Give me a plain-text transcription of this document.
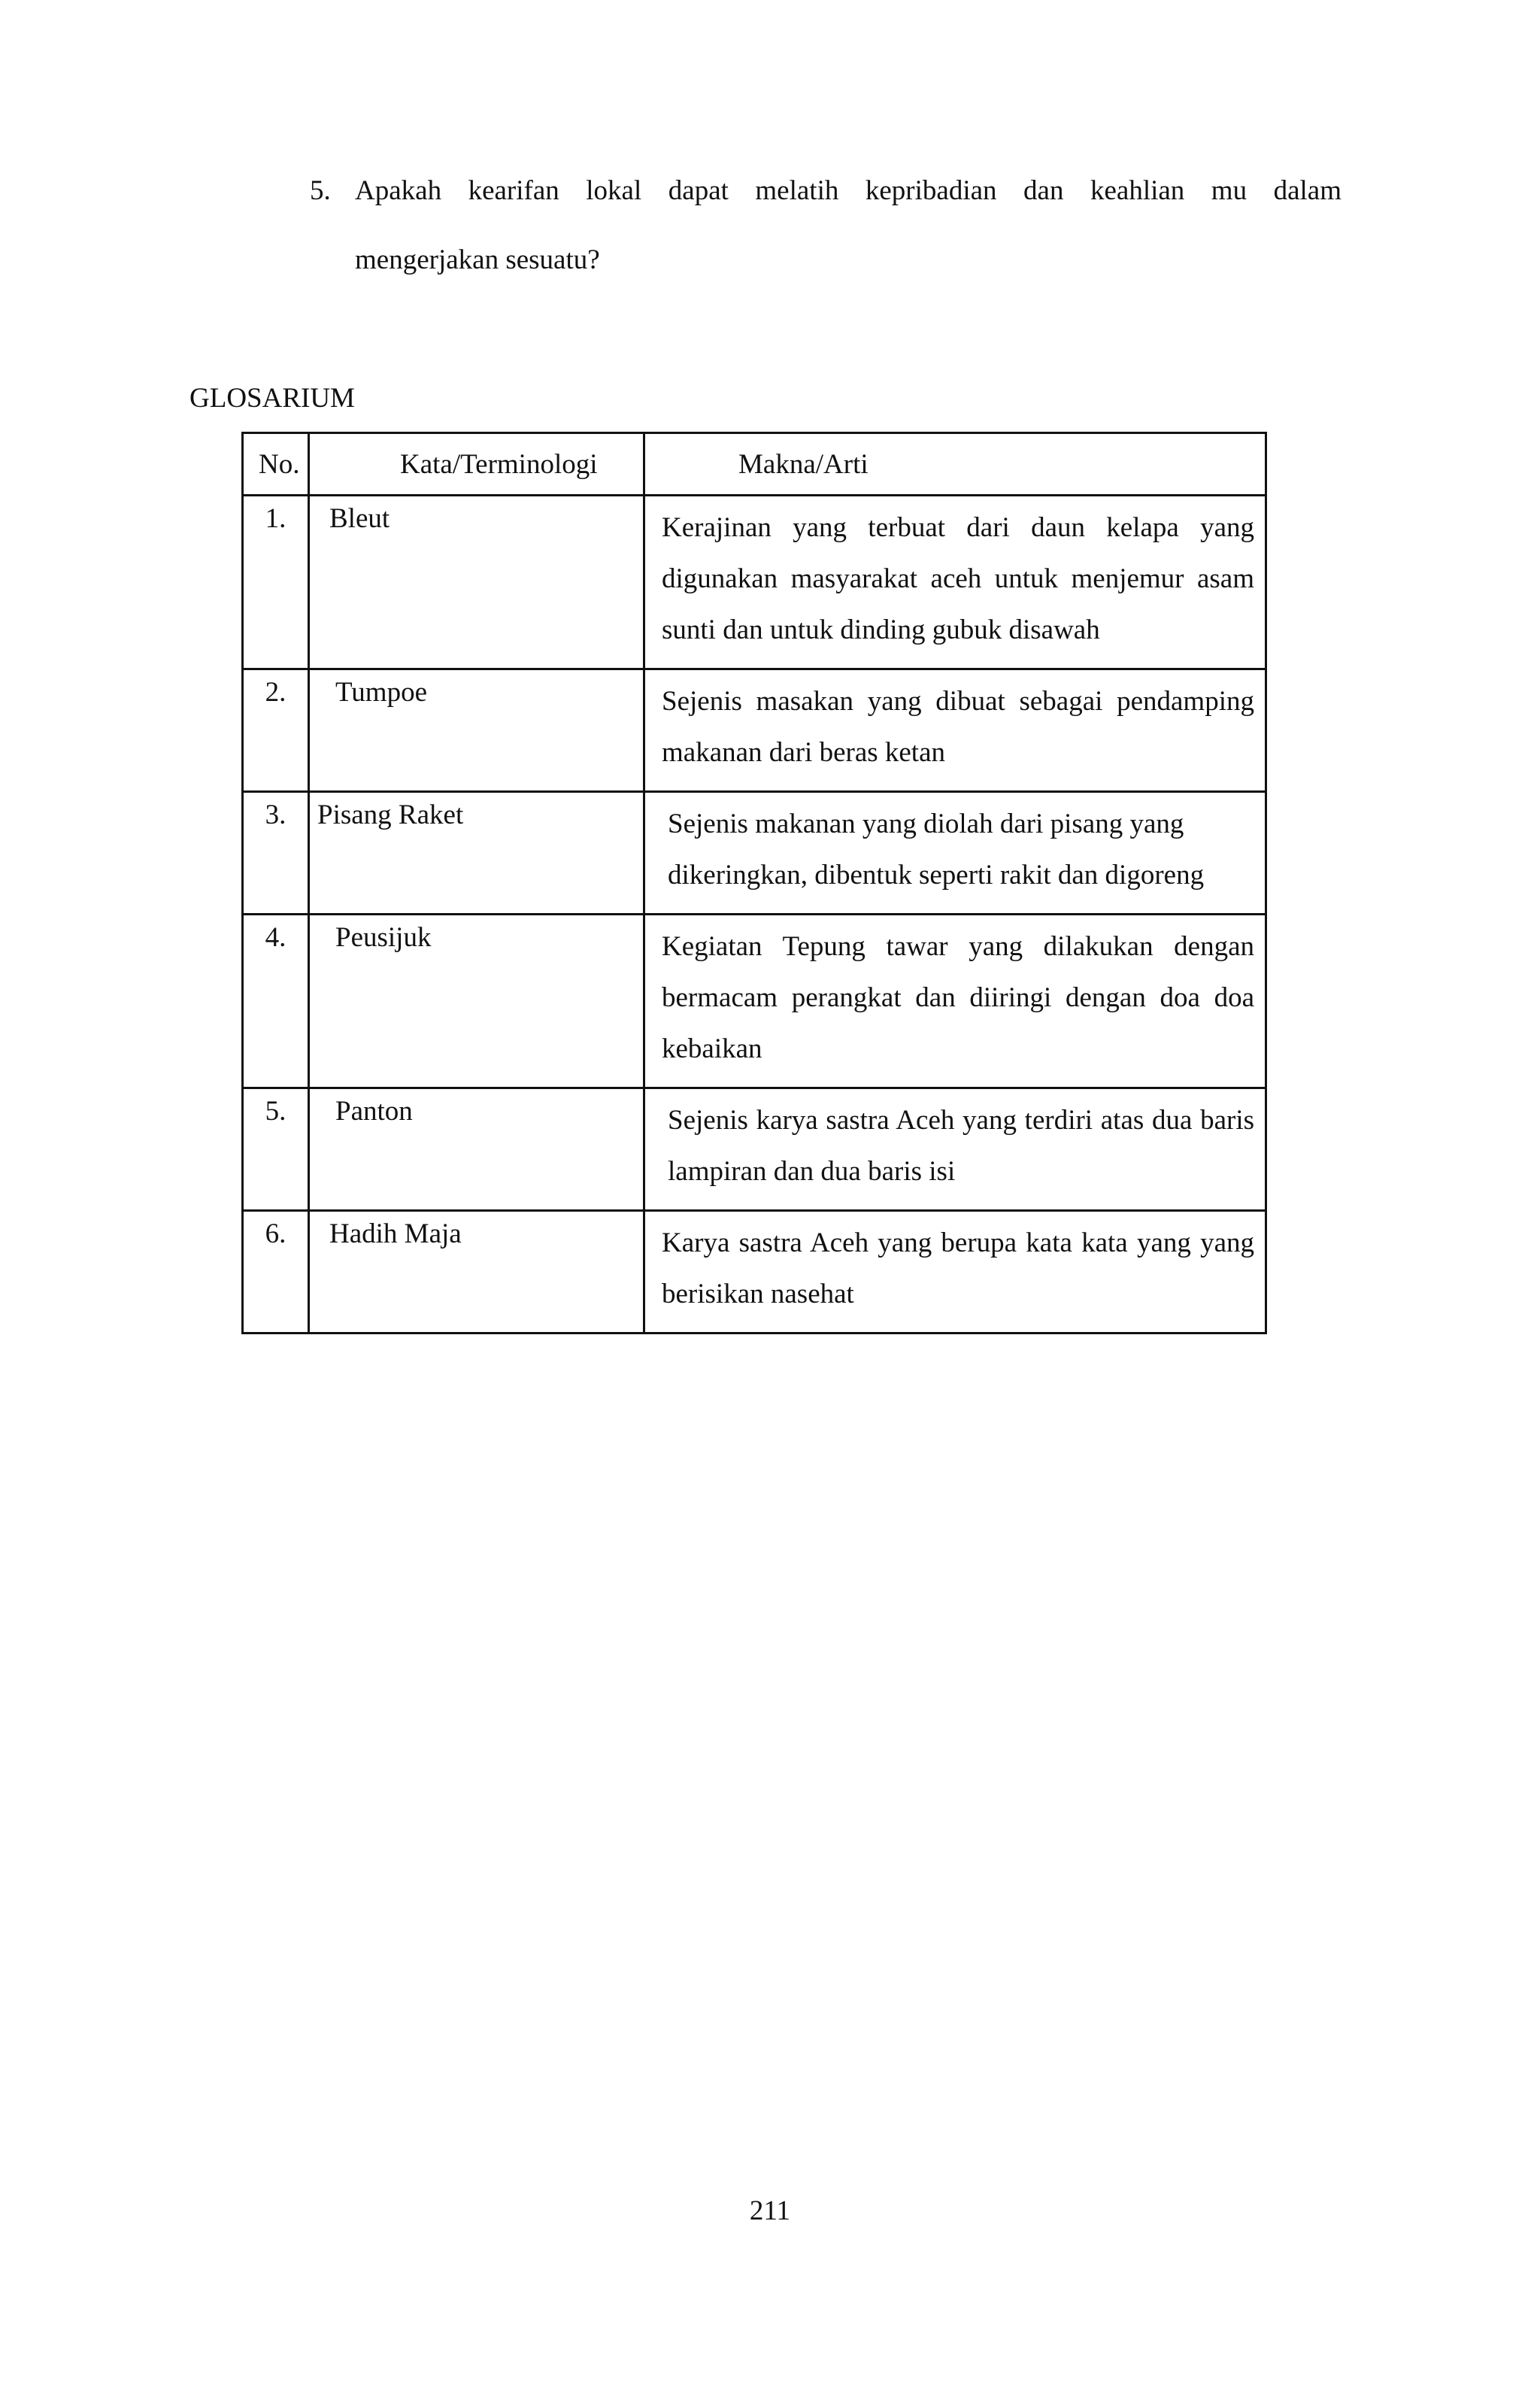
5. Apakah kearifan lokal dapat melatih kepribadian dan keahlian mu dalam
mengerjakan sesuatu?
GLOSARIUM
No.	Kata/Terminologi	Makna/Arti
1.	Bleut	Kerajinan yang terbuat dari daun kelapa yang digunakan masyarakat aceh untuk menjemur asam sunti dan untuk dinding gubuk disawah
2.	Tumpoe	Sejenis masakan yang dibuat sebagai pendamping makanan dari beras ketan
3.	Pisang Raket	Sejenis makanan yang diolah dari pisang yang dikeringkan, dibentuk seperti rakit dan digoreng
4.	Peusijuk	Kegiatan Tepung tawar yang dilakukan dengan bermacam perangkat dan diiringi dengan doa doa kebaikan
5.	Panton	Sejenis karya sastra Aceh yang terdiri atas dua baris lampiran dan dua baris isi
6.	Hadih Maja	Karya sastra Aceh yang berupa kata kata yang yang berisikan nasehat
211
